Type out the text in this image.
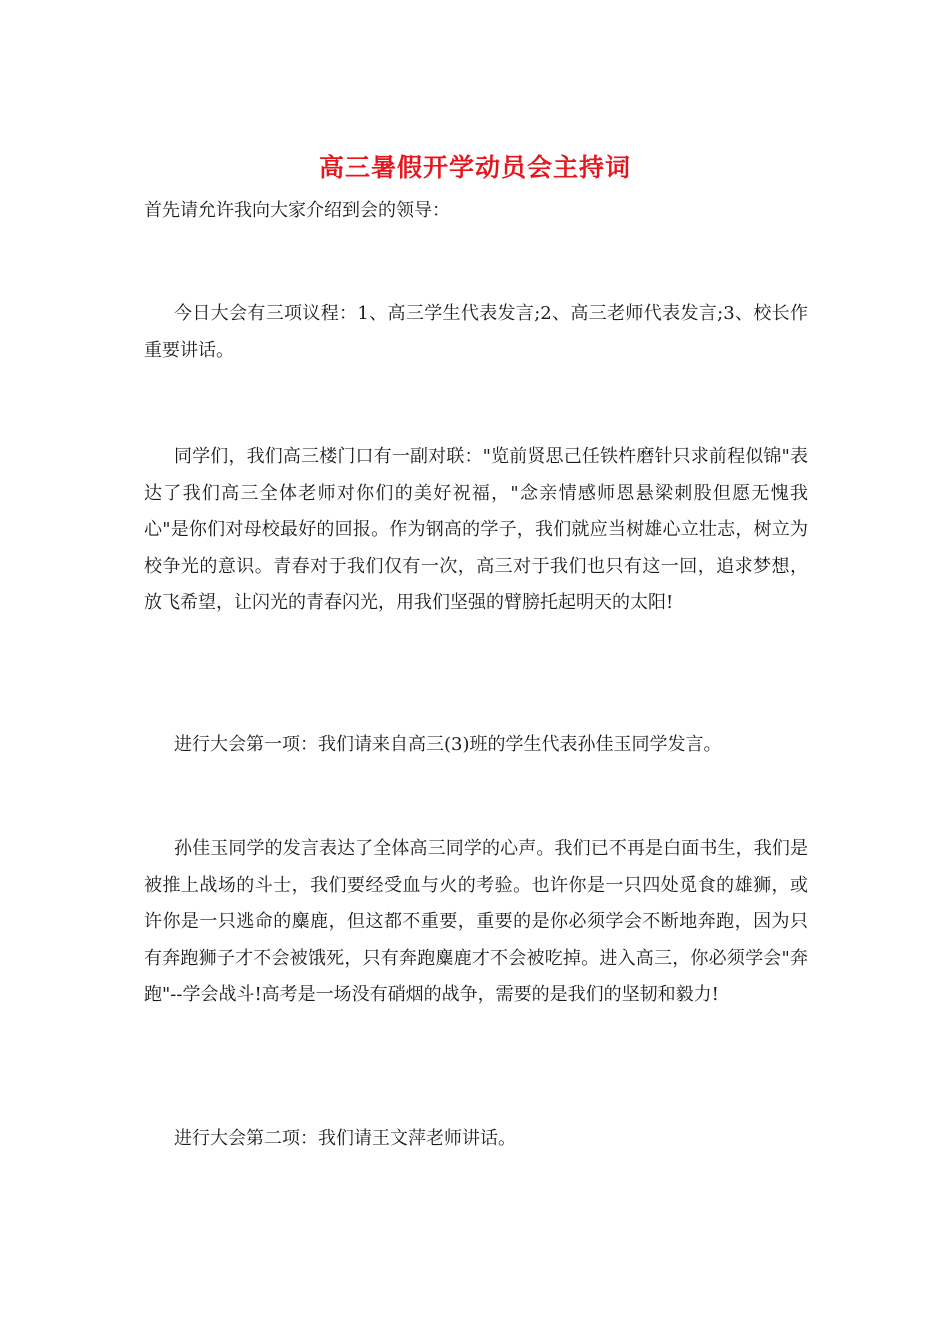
高三暑假开学动员会主持词

首先请允许我向大家介绍到会的领导：

今日大会有三项议程：1、高三学生代表发言;2、高三老师代表发言;3、校长作重要讲话。

同学们，我们高三楼门口有一副对联："览前贤思己任铁杵磨针只求前程似锦"表达了我们高三全体老师对你们的美好祝福，"念亲情感师恩悬梁刺股但愿无愧我心"是你们对母校最好的回报。作为钢高的学子，我们就应当树雄心立壮志，树立为校争光的意识。青春对于我们仅有一次，高三对于我们也只有这一回，追求梦想，放飞希望，让闪光的青春闪光，用我们坚强的臂膀托起明天的太阳!

进行大会第一项：我们请来自高三(3)班的学生代表孙佳玉同学发言。

孙佳玉同学的发言表达了全体高三同学的心声。我们已不再是白面书生，我们是被推上战场的斗士，我们要经受血与火的考验。也许你是一只四处觅食的雄狮，或许你是一只逃命的麋鹿，但这都不重要，重要的是你必须学会不断地奔跑，因为只有奔跑狮子才不会被饿死，只有奔跑麋鹿才不会被吃掉。进入高三，你必须学会"奔跑"--学会战斗!高考是一场没有硝烟的战争，需要的是我们的坚韧和毅力!

进行大会第二项：我们请王文萍老师讲话。
